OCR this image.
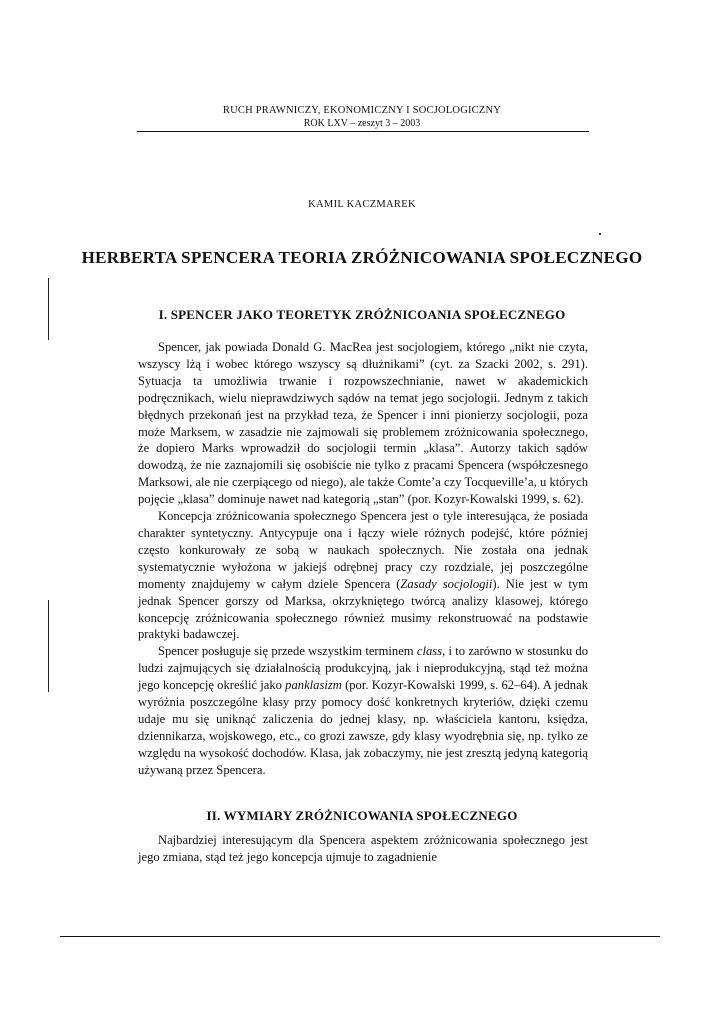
RUCH PRAWNICZY, EKONOMICZNY I SOCJOLOGICZNY
ROK LXV – zeszyt 3 – 2003
KAMIL KACZMAREK
HERBERTA SPENCERA TEORIA ZRÓŻNICOWANIA SPOŁECZNEGO
I. SPENCER JAKO TEORETYK ZRÓŻNICOANIA SPOŁECZNEGO

Spencer, jak powiada Donald G. MacRea jest socjologiem, którego „nikt nie czyta, wszyscy lżą i wobec którego wszyscy są dłużnikami” (cyt. za Szacki 2002, s. 291). Sytuacja ta umożliwia trwanie i rozpowszechnianie, nawet w akademickich podręcznikach, wielu nieprawdziwych sądów na temat jego socjologii. Jednym z takich błędnych przekonań jest na przykład teza, że Spencer i inni pionierzy socjologii, poza może Marksem, w zasadzie nie zajmowali się problemem zróżnicowania społecznego, że dopiero Marks wprowadził do socjologii termin „klasa”. Autorzy takich sądów dowodzą, że nie zaznajomili się osobiście nie tylko z pracami Spencera (współczesnego Marksowi, ale nie czerpiącego od niego), ale także Comte’a czy Tocqueville’a, u których pojęcie „klasa” dominuje nawet nad kategorią „stan” (por. Kozyr-Kowalski 1999, s. 62).

Koncepcja zróżnicowania społecznego Spencera jest o tyle interesująca, że posiada charakter syntetyczny. Antycypuje ona i łączy wiele różnych podejść, które później często konkurowały ze sobą w naukach społecznych. Nie została ona jednak systematycznie wyłożona w jakiejś odrębnej pracy czy rozdziale, jej poszczególne momenty znajdujemy w całym dziele Spencera (Zasady socjologii). Nie jest w tym jednak Spencer gorszy od Marksa, okrzykniętego twórcą analizy klasowej, którego koncepcję zróżnicowania społecznego również musimy rekonstruować na podstawie praktyki badawczej.

Spencer posługuje się przede wszystkim terminem class, i to zarówno w stosunku do ludzi zajmujących się działalnością produkcyjną, jak i nieprodukcyjną, stąd też można jego koncepcję określić jako panklasizm (por. Kozyr-Kowalski 1999, s. 62–64). A jednak wyróżnia poszczególne klasy przy pomocy dość konkretnych kryteriów, dzięki czemu udaje mu się uniknąć zaliczenia do jednej klasy, np. właściciela kantoru, księdza, dziennikarza, wojskowego, etc., co grozi zawsze, gdy klasy wyodrębnia się, np. tylko ze względu na wysokość dochodów. Klasa, jak zobaczymy, nie jest zresztą jedyną kategorią używaną przez Spencera.

II. WYMIARY ZRÓŻNICOWANIA SPOŁECZNEGO

Najbardziej interesującym dla Spencera aspektem zróżnicowania społecznego jest jego zmiana, stąd też jego koncepcja ujmuje to zagadnienie
